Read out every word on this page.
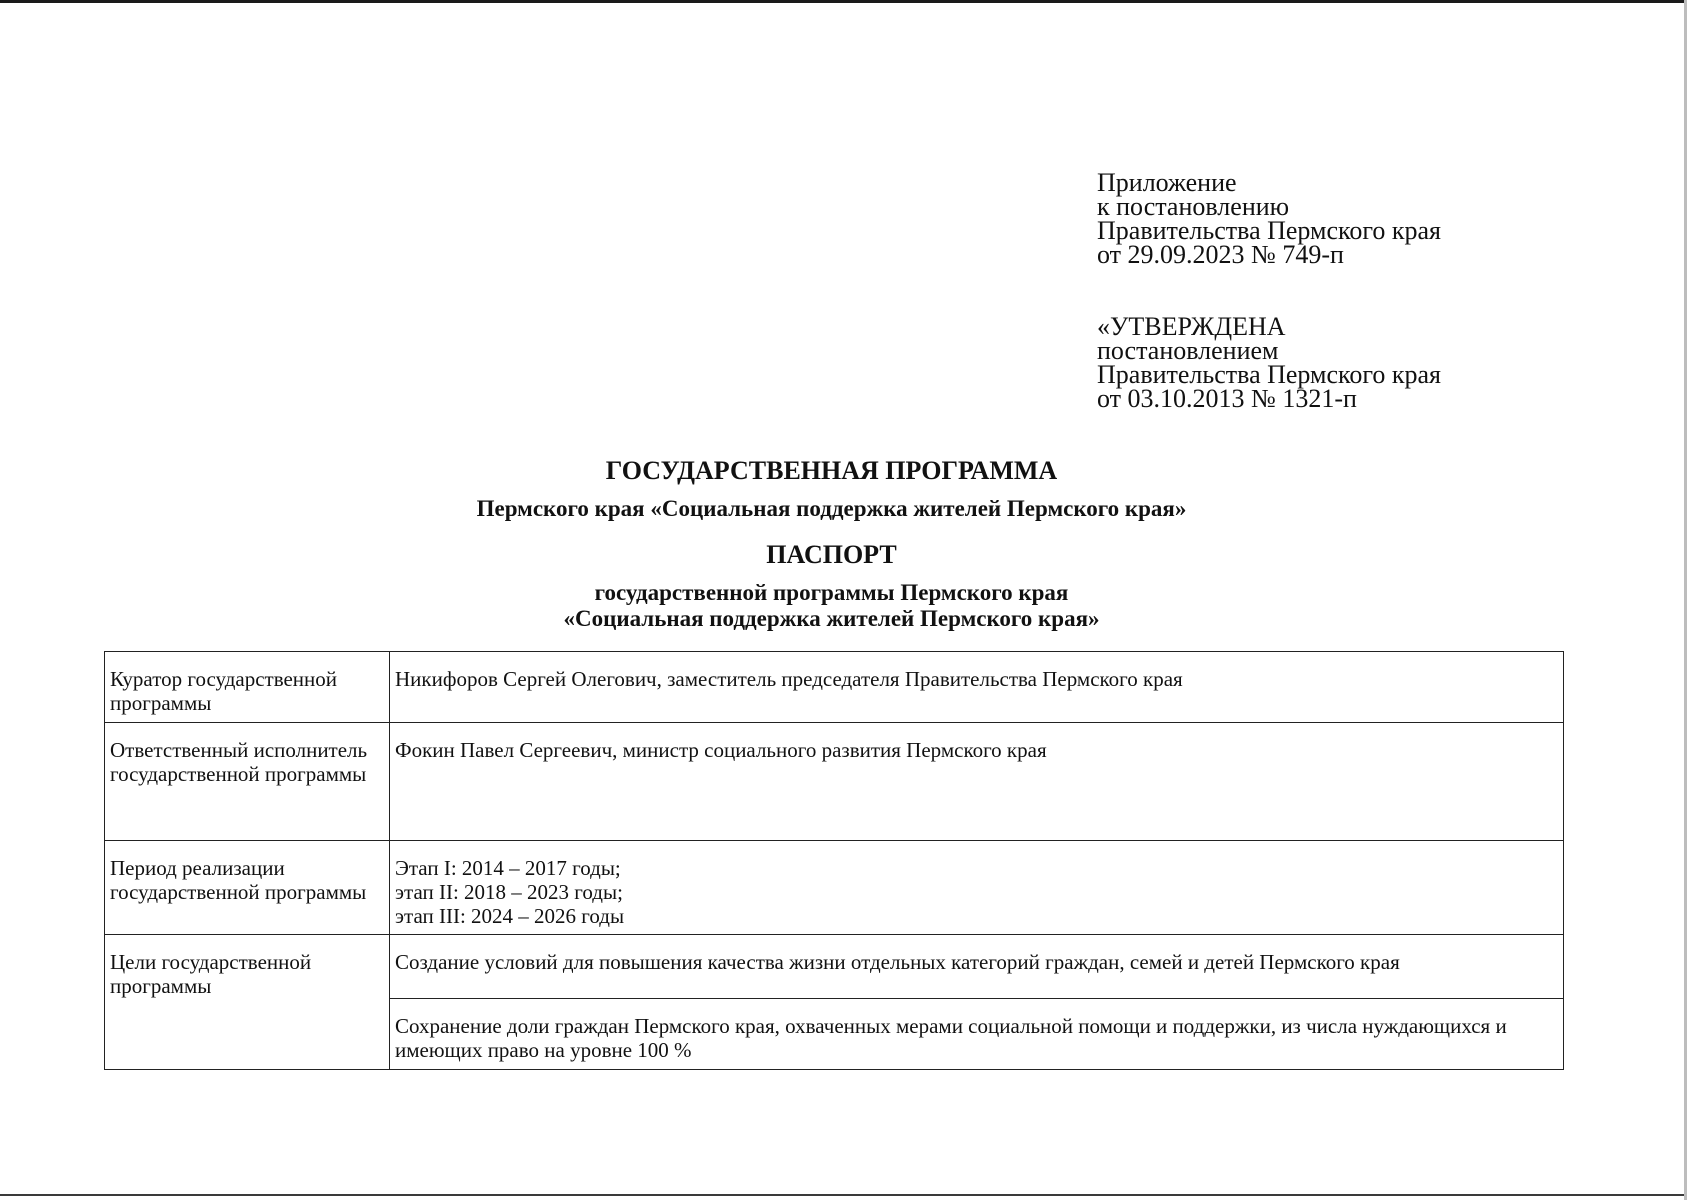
Приложение
к постановлению
Правительства Пермского края
от 29.09.2023 № 749-п
«УТВЕРЖДЕНА
постановлением
Правительства Пермского края
от 03.10.2013 № 1321-п
ГОСУДАРСТВЕННАЯ ПРОГРАММА
Пермского края «Социальная поддержка жителей Пермского края»
ПАСПОРТ
государственной программы Пермского края
«Социальная поддержка жителей Пермского края»
Куратор государственной программы	Никифоров Сергей Олегович, заместитель председателя Правительства Пермского края
Ответственный исполнитель государственной программы	Фокин Павел Сергеевич, министр социального развития Пермского края
Период реализации государственной программы	Этап I: 2014 – 2017 годы;
этап II: 2018 – 2023 годы;
этап III: 2024 – 2026 годы

Цели государственной программы	Создание условий для повышения качества жизни отдельных категорий граждан, семей и детей Пермского края
	Сохранение доли граждан Пермского края, охваченных мерами социальной помощи и поддержки, из числа нуждающихся и имеющих право на уровне 100 %
